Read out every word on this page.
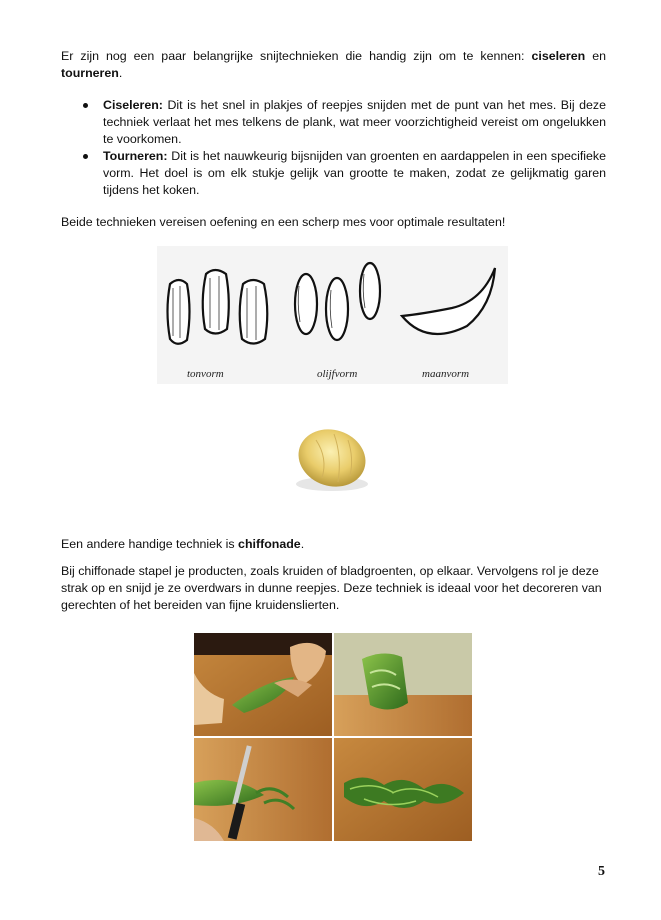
Er zijn nog een paar belangrijke snijtechnieken die handig zijn om te kennen: ciseleren en tourneren.

Ciseleren: Dit is het snel in plakjes of reepjes snijden met de punt van het mes. Bij deze techniek verlaat het mes telkens de plank, wat meer voorzichtigheid vereist om ongelukken te voorkomen.
Tourneren: Dit is het nauwkeurig bijsnijden van groenten en aardappelen in een specifieke vorm. Het doel is om elk stukje gelijk van grootte te maken, zodat ze gelijkmatig garen tijdens het koken.

Beide technieken vereisen oefening en een scherp mes voor optimale resultaten!

tonvorm	olijfvorm	maanvorm

Een andere handige techniek is chiffonade.

Bij chiffonade stapel je producten, zoals kruiden of bladgroenten, op elkaar. Vervolgens rol je deze strak op en snijd je ze overdwars in dunne reepjes. Deze techniek is ideaal voor het decoreren van gerechten of het bereiden van fijne kruidenslierten.

5
